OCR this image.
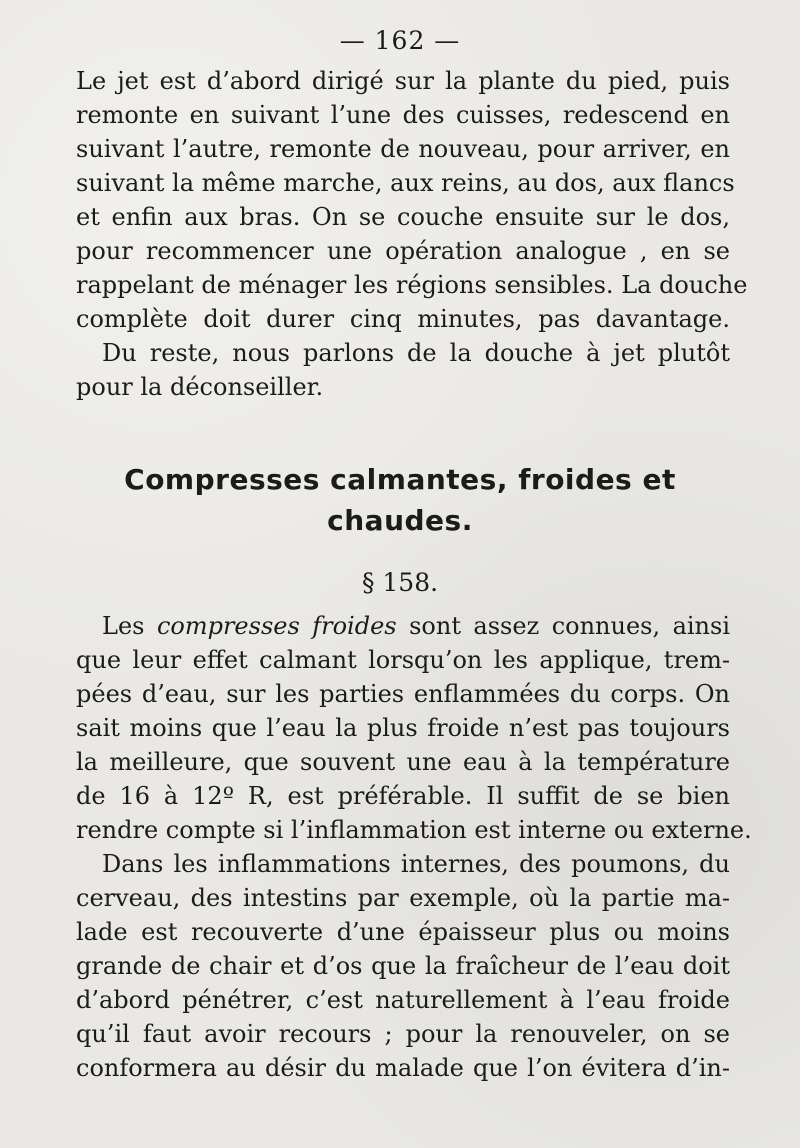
— 162 —
Le jet est d’abord dirigé sur la plante du pied, puis
remonte en suivant l’une des cuisses, redescend en
suivant l’autre, remonte de nouveau, pour arriver, en
suivant la même marche, aux reins, au dos, aux flancs
et enfin aux bras. On se couche ensuite sur le dos,
pour recommencer une opération analogue , en se
rappelant de ménager les régions sensibles. La douche
complète doit durer cinq minutes, pas davantage.
Du reste, nous parlons de la douche à jet plutôt
pour la déconseiller.
Compresses calmantes, froides et
chaudes.
§ 158.
Les compresses froides sont assez connues, ainsi
que leur effet calmant lorsqu’on les applique, trem-
pées d’eau, sur les parties enflammées du corps. On
sait moins que l’eau la plus froide n’est pas toujours
la meilleure, que souvent une eau à la température
de 16 à 12º R, est préférable. Il suffit de se bien
rendre compte si l’inflammation est interne ou externe.
Dans les inflammations internes, des poumons, du
cerveau, des intestins par exemple, où la partie ma-
lade est recouverte d’une épaisseur plus ou moins
grande de chair et d’os que la fraîcheur de l’eau doit
d’abord pénétrer, c’est naturellement à l’eau froide
qu’il faut avoir recours ; pour la renouveler, on se
conformera au désir du malade que l’on évitera d’in-
